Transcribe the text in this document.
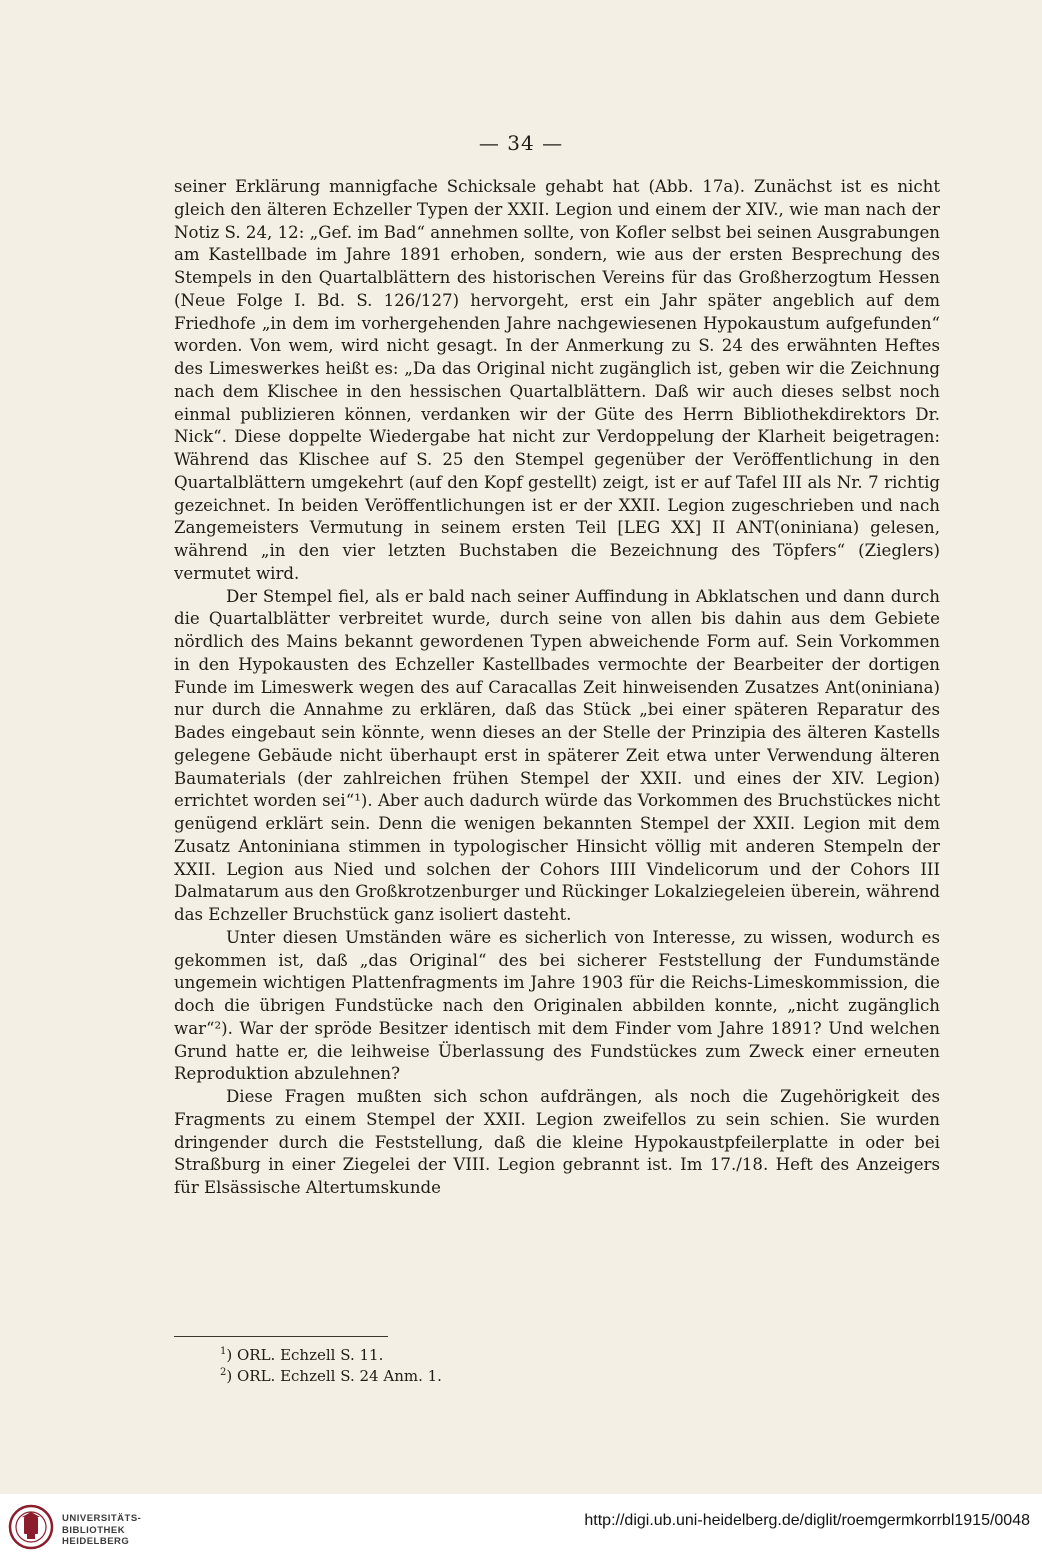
— 34 —

seiner Erklärung mannigfache Schicksale gehabt hat (Abb. 17a). Zunächst ist es nicht gleich den älteren Echzeller Typen der XXII. Legion und einem der XIV., wie man nach der Notiz S. 24, 12: „Gef. im Bad“ annehmen sollte, von Kofler selbst bei seinen Ausgrabungen am Kastellbade im Jahre 1891 erhoben, sondern, wie aus der ersten Besprechung des Stempels in den Quartalblättern des historischen Vereins für das Großherzogtum Hessen (Neue Folge I. Bd. S. 126/127) hervorgeht, erst ein Jahr später angeblich auf dem Friedhofe „in dem im vorhergehenden Jahre nachgewiesenen Hypokaustum aufgefunden“ worden. Von wem, wird nicht gesagt. In der Anmerkung zu S. 24 des erwähnten Heftes des Limeswerkes heißt es: „Da das Original nicht zugänglich ist, geben wir die Zeichnung nach dem Klischee in den hessischen Quartalblättern. Daß wir auch dieses selbst noch einmal publizieren können, verdanken wir der Güte des Herrn Bibliothekdirektors Dr. Nick“. Diese doppelte Wiedergabe hat nicht zur Verdoppelung der Klarheit beigetragen: Während das Klischee auf S. 25 den Stempel gegenüber der Veröffentlichung in den Quartalblättern umgekehrt (auf den Kopf gestellt) zeigt, ist er auf Tafel III als Nr. 7 richtig gezeichnet. In beiden Veröffentlichungen ist er der XXII. Legion zugeschrieben und nach Zangemeisters Vermutung in seinem ersten Teil [LEG XX] II ANT(oniniana) gelesen, während „in den vier letzten Buchstaben die Bezeichnung des Töpfers“ (Zieglers) vermutet wird.

Der Stempel fiel, als er bald nach seiner Auffindung in Abklatschen und dann durch die Quartalblätter verbreitet wurde, durch seine von allen bis dahin aus dem Gebiete nördlich des Mains bekannt gewordenen Typen abweichende Form auf. Sein Vorkommen in den Hypokausten des Echzeller Kastellbades vermochte der Bearbeiter der dortigen Funde im Limeswerk wegen des auf Caracallas Zeit hinweisenden Zusatzes Ant(oniniana) nur durch die Annahme zu erklären, daß das Stück „bei einer späteren Reparatur des Bades eingebaut sein könnte, wenn dieses an der Stelle der Prinzipia des älteren Kastells gelegene Gebäude nicht überhaupt erst in späterer Zeit etwa unter Verwendung älteren Baumaterials (der zahlreichen frühen Stempel der XXII. und eines der XIV. Legion) errichtet worden sei“¹). Aber auch dadurch würde das Vorkommen des Bruchstückes nicht genügend erklärt sein. Denn die wenigen bekannten Stempel der XXII. Legion mit dem Zusatz Antoniniana stimmen in typologischer Hinsicht völlig mit anderen Stempeln der XXII. Legion aus Nied und solchen der Cohors IIII Vindelicorum und der Cohors III Dalmatarum aus den Großkrotzenburger und Rückinger Lokalziegeleien überein, während das Echzeller Bruchstück ganz isoliert dasteht.

Unter diesen Umständen wäre es sicherlich von Interesse, zu wissen, wodurch es gekommen ist, daß „das Original“ des bei sicherer Feststellung der Fundumstände ungemein wichtigen Plattenfragments im Jahre 1903 für die Reichs-Limeskommission, die doch die übrigen Fundstücke nach den Originalen abbilden konnte, „nicht zugänglich war“²). War der spröde Besitzer identisch mit dem Finder vom Jahre 1891? Und welchen Grund hatte er, die leihweise Überlassung des Fundstückes zum Zweck einer erneuten Reproduktion abzulehnen?

Diese Fragen mußten sich schon aufdrängen, als noch die Zugehörigkeit des Fragments zu einem Stempel der XXII. Legion zweifellos zu sein schien. Sie wurden dringender durch die Feststellung, daß die kleine Hypokaustpfeilerplatte in oder bei Straßburg in einer Ziegelei der VIII. Legion gebrannt ist. Im 17./18. Heft des Anzeigers für Elsässische Altertumskunde

$^1$) ORL. Echzell S. 11.
$^2$) ORL. Echzell S. 24 Anm. 1.
UNIVERSITÄTS-
BIBLIOTHEK
HEIDELBERG
http://digi.ub.uni-heidelberg.de/diglit/roemgermkorrbl1915/0048
